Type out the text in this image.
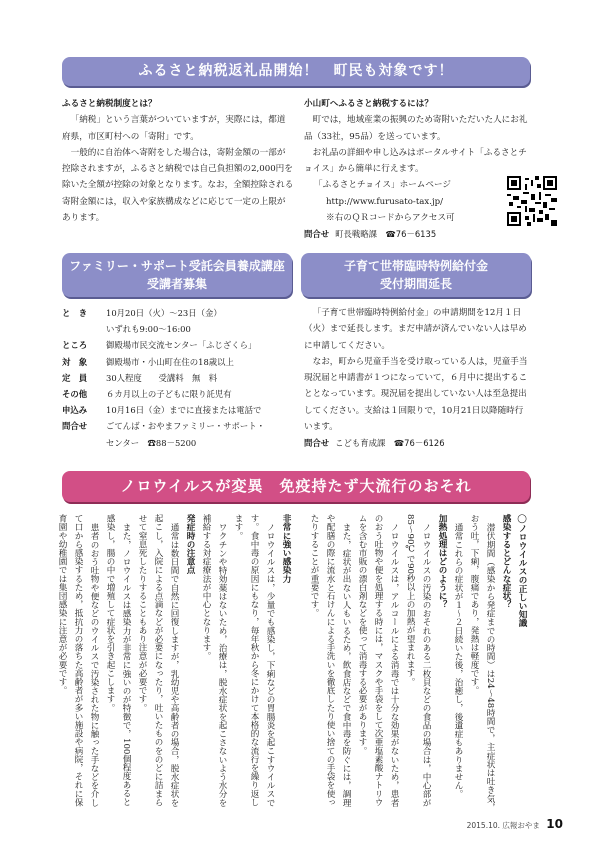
ふるさと納税返礼品開始！　町民も対象です！
ふるさと納税制度とは？

「納税」という言葉がついていますが，実際には，都道府県，市区町村への「寄附」です。

一般的に自治体へ寄附をした場合は，寄附金額の一部が控除されますが，ふるさと納税では自己負担額の2,000円を除いた全額が控除の対象となります。なお，全額控除される寄附金額には，収入や家族構成などに応じて一定の上限があります。

小山町へふるさと納税するには？

町では，地域産業の振興のため寄附いただいた人にお礼品（33社，95品）を送っています。

お礼品の詳細や申し込みはポータルサイト「ふるさとチョイス」から簡単に行えます。

「ふるさとチョイス」ホームページ
http://www.furusato-tax.jp/
※右のＱＲコードからアクセス可
問合せ 町長戦略課　☎76－6135
ファミリー・サポート受託会員養成講座
受講者募集
子育て世帯臨時特例給付金
受付期間延長
と　き	10月20日（火）～23日（金）
いずれも9:00～16:00
ところ	御殿場市民交流センター「ふじざくら」
対　象	御殿場市・小山町在住の18歳以上
定　員	30人程度　　受講料　無　料
その他	６カ月以上の子どもに限り託児有
申込み	10月16日（金）までに直接または電話で
問合せ	ごてんば・おやまファミリー・サポート・
センター　☎88－5200

「子育て世帯臨時特例給付金」の申請期間を12月１日（火）まで延長します。まだ申請が済んでいない人は早めに申請してください。

なお，町から児童手当を受け取っている人は，児童手当現況届と申請書が１つになっていて，６月中に提出することとなっています。現況届を提出していない人は至急提出してください。支給は１回限りで，10月21日以降随時行います。

問合せ こども育成課　☎76－6126
ノロウイルスが変異　免疫持たず大流行のおそれ
非常に強い感染力

ノロウイルスは，少量でも感染し，下痢などの胃腸炎を起こすウイルスです。食中毒の原因にもなり，毎年秋から冬にかけて本格的な流行を繰り返します。

ワクチンや特効薬はないため，治療は，脱水症状を起こさないよう水分を補給する対症療法が中心となります。

発症時の注意点

通常は数日間で自然に回復しますが，乳幼児や高齢者の場合，脱水症状を起こし，入院による点滴などが必要になったり，吐いたものをのどに詰まらせて窒息死したりすることもあり注意が必要です。

また，ノロウイルスは感染力が非常に強いのが特徴で，100個程度あると感染し，腸の中で増殖して症状を引き起こします。

患者のおう吐物や便などのウイルスで汚染された物に触った手などを介して口から感染するため，抵抗力の落ちた高齢者が多い施設や病院，それに保育園や幼稚園では集団感染に注意が必要です。	◯ノロウイルスの正しい知識
感染するとどんな症状？

潜伏期間（感染から発症までの時間）は24～48時間で，主症状は吐き気，おう吐，下痢，腹痛であり，発熱は軽度です。

通常これらの症状が１～２日続いた後，治癒し，後遺症もありません。

加熱処理はどのように？

ノロウイルスの汚染のおそれのある二枚貝などの食品の場合は，中心部が85～90℃で90秒以上の加熱が望まれます。

ノロウイルスは，アルコールによる消毒では十分な効果がないため，患者のおう吐物や便を処理する時には，マスクや手袋をして次亜塩素酸ナトリウムを含む市販の漂白剤などを使って消毒する必要があります。

また，症状が出ない人もいるため，飲食店などで食中毒を防ぐには，調理や配膳の際に流水と石けんによる手洗いを徹底したり使い捨ての手袋を使ったりすることが重要です。

2015.10. 広報おやま 10
